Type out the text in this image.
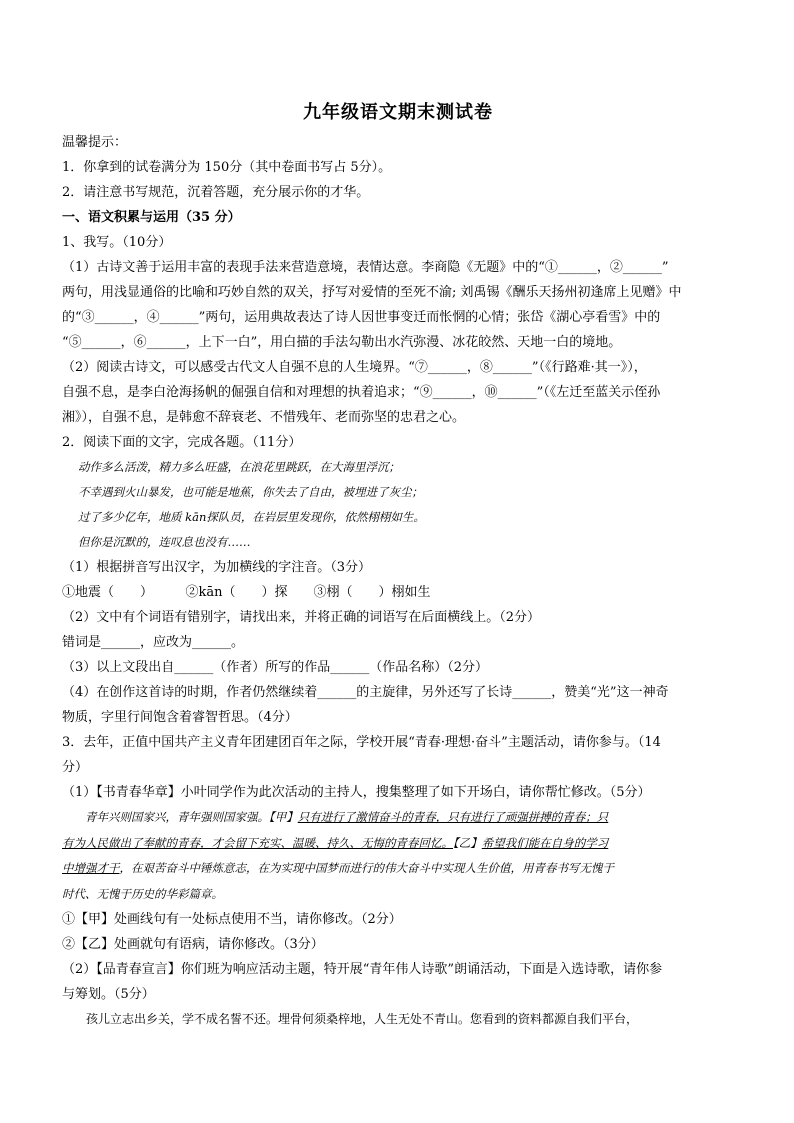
九年级语文期末测试卷

温馨提示：

1．你拿到的试卷满分为 150分（其中卷面书写占 5分）。

2．请注意书写规范，沉着答题，充分展示你的才华。

一、语文积累与运用（35 分）

1、我写。（10分）

（1）古诗文善于运用丰富的表现手法来营造意境，表情达意。李商隐《无题》中的“①______，②______”

两句，用浅显通俗的比喻和巧妙自然的双关，抒写对爱情的至死不渝; 刘禹锡《酬乐天扬州初逢席上见赠》中

的“③______，④______”两句，运用典故表达了诗人因世事变迁而怅惘的心情；张岱《湖心亭看雪》中的

“⑤______，⑥______，上下一白”，用白描的手法勾勒出水汽弥漫、冰花皎然、天地一白的境地。

（2）阅读古诗文，可以感受古代文人自强不息的人生境界。“⑦______，⑧______”（《行路难·其一》），

自强不息，是李白沧海扬帆的倔强自信和对理想的执着追求；“⑨______，⑩______”（《左迁至蓝关示侄孙

湘》），自强不息，是韩愈不辞衰老、不惜残年、老而弥坚的忠君之心。

2．阅读下面的文字，完成各题。（11分）

动作多么活泼，精力多么旺盛，在浪花里跳跃，在大海里浮沉；

不幸遇到火山暴发，也可能是地蕉，你失去了自由，被埋进了灰尘；

过了多少亿年，地质 kān探队员，在岩层里发现你，依然栩栩如生。

但你是沉默的，连叹息也没有……

（1）根据拼音写出汉字，为加横线的字注音。（3分）

①地震（　　）　　　②kān（　　）探　　③栩（　　）栩如生

（2）文中有个词语有错别字，请找出来，并将正确的词语写在后面横线上。（2分）

错词是______，应改为______。

（3）以上文段出自______（作者）所写的作品______（作品名称）（2分）

（4）在创作这首诗的时期，作者仍然继续着______的主旋律，另外还写了长诗______，赞美“光”这一神奇

物质，字里行间饱含着睿智哲思。（4分）

3．去年，正值中国共产主义青年团建团百年之际，学校开展“青春·理想·奋斗”主题活动，请你参与。（14

分）

（1）【书青春华章】小叶同学作为此次活动的主持人，搜集整理了如下开场白，请你帮忙修改。（5分）

青年兴则国家兴，青年强则国家强。【甲】只有进行了激情奋斗的青春，只有进行了顽强拼搏的青春；只

有为人民做出了奉献的青春，才会留下充实、温暖、持久、无悔的青春回忆。【乙】希望我们能在自身的学习

中增强才干，在艰苦奋斗中锤炼意志，在为实现中国梦而进行的伟大奋斗中实现人生价值，用青春书写无愧于

时代、无愧于历史的华彩篇章。

①【甲】处画线句有一处标点使用不当，请你修改。（2分）

②【乙】处画就句有语病，请你修改。（3分）

（2）【品青春宣言】你们班为响应活动主题，特开展“青年伟人诗歌”朗诵活动，下面是入选诗歌，请你参

与筹划。（5分）

孩儿立志出乡关，学不成名誓不还。埋骨何须桑梓地，人生无处不青山。您看到的资料都源自我们平台，
